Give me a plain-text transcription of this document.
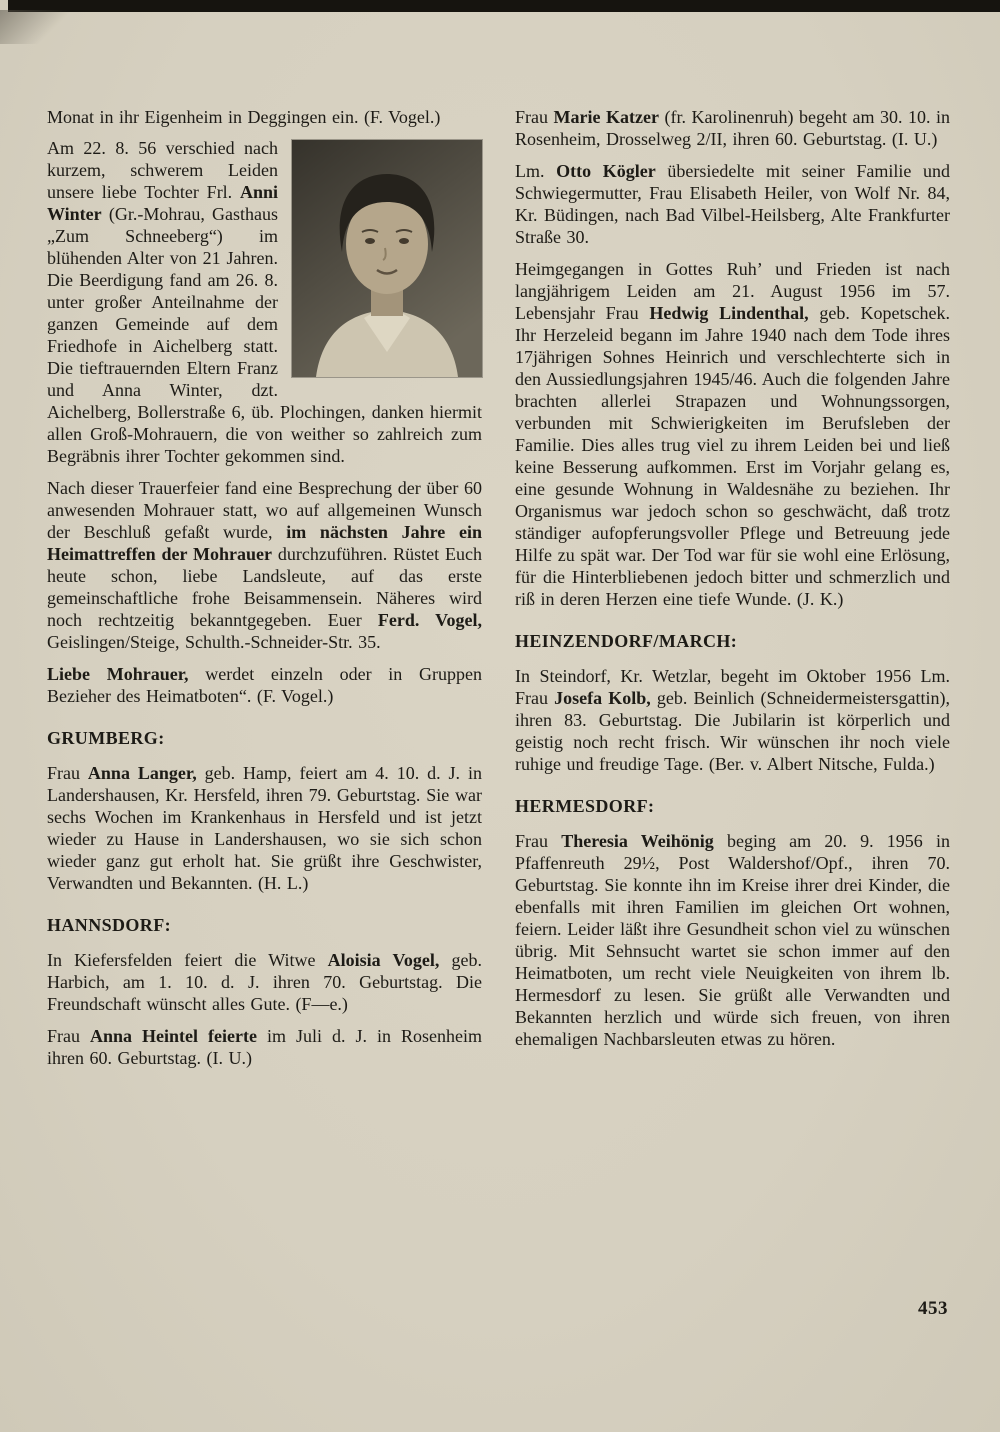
Monat in ihr Eigenheim in Deggingen ein. (F. Vogel.)

Am 22. 8. 56 verschied nach kurzem, schwerem Leiden unsere liebe Tochter Frl. Anni Winter (Gr.-Mohrau, Gasthaus „Zum Schneeberg“) im blühenden Alter von 21 Jahren. Die Beerdigung fand am 26. 8. unter großer Anteilnahme der ganzen Gemeinde auf dem Friedhofe in Aichelberg statt. Die tieftrauernden Eltern Franz und Anna Winter, dzt. Aichelberg, Bollerstraße 6, üb. Plochingen, danken hiermit allen Groß-Mohrauern, die von weither so zahlreich zum Begräbnis ihrer Tochter gekommen sind.

Nach dieser Trauerfeier fand eine Besprechung der über 60 anwesenden Mohrauer statt, wo auf allgemeinen Wunsch der Beschluß gefaßt wurde, im nächsten Jahre ein Heimattreffen der Mohrauer durchzuführen. Rüstet Euch heute schon, liebe Landsleute, auf das erste gemeinschaftliche frohe Beisammensein. Näheres wird noch rechtzeitig bekanntgegeben. Euer Ferd. Vogel, Geislingen/Steige, Schulth.-Schneider-Str. 35.

Liebe Mohrauer, werdet einzeln oder in Gruppen Bezieher des Heimatboten“. (F. Vogel.)

GRUMBERG:

Frau Anna Langer, geb. Hamp, feiert am 4. 10. d. J. in Landershausen, Kr. Hersfeld, ihren 79. Geburtstag. Sie war sechs Wochen im Krankenhaus in Hersfeld und ist jetzt wieder zu Hause in Landershausen, wo sie sich schon wieder ganz gut erholt hat. Sie grüßt ihre Geschwister, Verwandten und Bekannten. (H. L.)

HANNSDORF:

In Kiefersfelden feiert die Witwe Aloisia Vogel, geb. Harbich, am 1. 10. d. J. ihren 70. Geburtstag. Die Freundschaft wünscht alles Gute. (F—e.)

Frau Anna Heintel feierte im Juli d. J. in Rosenheim ihren 60. Geburtstag. (I. U.)

Frau Marie Katzer (fr. Karolinenruh) begeht am 30. 10. in Rosenheim, Drosselweg 2/II, ihren 60. Geburtstag. (I. U.)

Lm. Otto Kögler übersiedelte mit seiner Familie und Schwiegermutter, Frau Elisabeth Heiler, von Wolf Nr. 84, Kr. Büdingen, nach Bad Vilbel-Heilsberg, Alte Frankfurter Straße 30.

Heimgegangen in Gottes Ruh’ und Frieden ist nach langjährigem Leiden am 21. August 1956 im 57. Lebensjahr Frau Hedwig Lindenthal, geb. Kopetschek. Ihr Herzeleid begann im Jahre 1940 nach dem Tode ihres 17jährigen Sohnes Heinrich und verschlechterte sich in den Aussiedlungsjahren 1945/46. Auch die folgenden Jahre brachten allerlei Strapazen und Wohnungssorgen, verbunden mit Schwierigkeiten im Berufsleben der Familie. Dies alles trug viel zu ihrem Leiden bei und ließ keine Besserung aufkommen. Erst im Vorjahr gelang es, eine gesunde Wohnung in Waldesnähe zu beziehen. Ihr Organismus war jedoch schon so geschwächt, daß trotz ständiger aufopferungsvoller Pflege und Betreuung jede Hilfe zu spät war. Der Tod war für sie wohl eine Erlösung, für die Hinterbliebenen jedoch bitter und schmerzlich und riß in deren Herzen eine tiefe Wunde. (J. K.)

HEINZENDORF/MARCH:

In Steindorf, Kr. Wetzlar, begeht im Oktober 1956 Lm. Frau Josefa Kolb, geb. Beinlich (Schneidermeistersgattin), ihren 83. Geburtstag. Die Jubilarin ist körperlich und geistig noch recht frisch. Wir wünschen ihr noch viele ruhige und freudige Tage. (Ber. v. Albert Nitsche, Fulda.)

HERMESDORF:

Frau Theresia Weihönig beging am 20. 9. 1956 in Pfaffenreuth 29½, Post Waldershof/Opf., ihren 70. Geburtstag. Sie konnte ihn im Kreise ihrer drei Kinder, die ebenfalls mit ihren Familien im gleichen Ort wohnen, feiern. Leider läßt ihre Gesundheit schon viel zu wünschen übrig. Mit Sehnsucht wartet sie schon immer auf den Heimatboten, um recht viele Neuigkeiten von ihrem lb. Hermesdorf zu lesen. Sie grüßt alle Verwandten und Bekannten herzlich und würde sich freuen, von ihren ehemaligen Nachbarsleuten etwas zu hören.

453
